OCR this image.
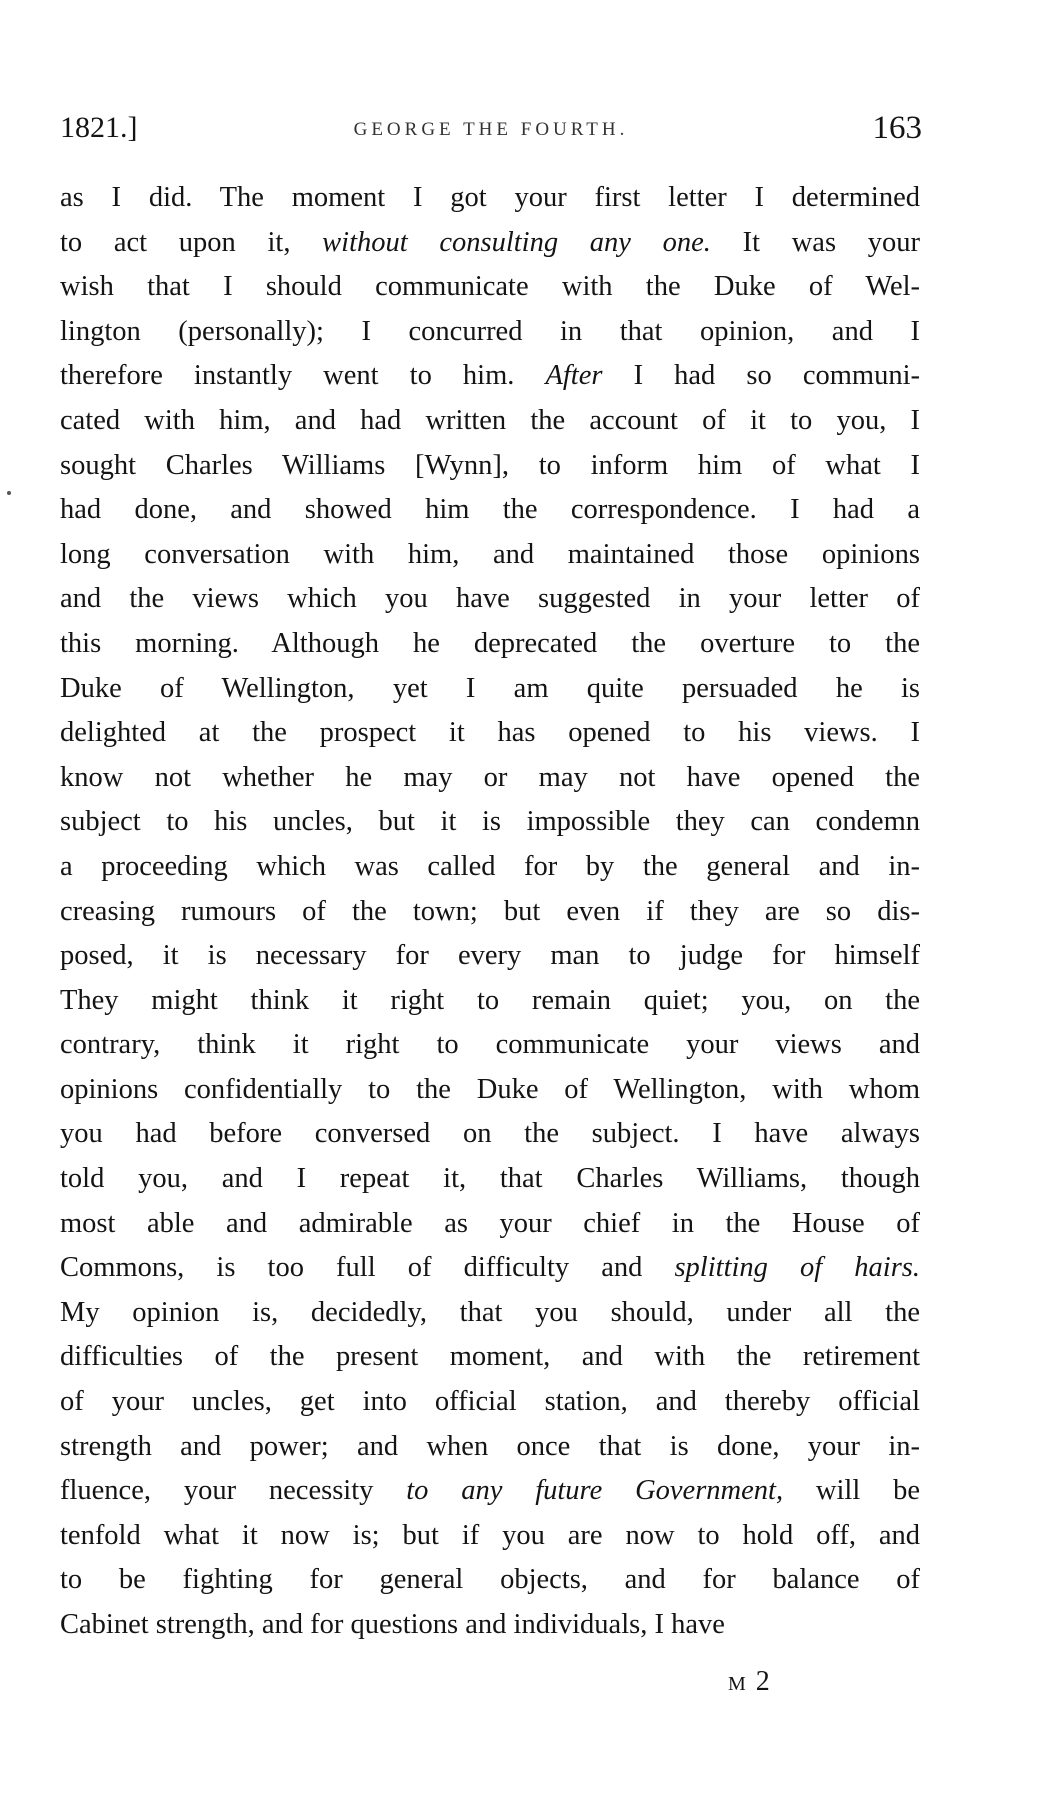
1821.]	GEORGE THE FOURTH.	163
as I did. The moment I got your first letter I determined
to act upon it, without consulting any one. It was your
wish that I should communicate with the Duke of Wel-
lington (personally); I concurred in that opinion, and I
therefore instantly went to him. After I had so communi-
cated with him, and had written the account of it to you, I
sought Charles Williams [Wynn], to inform him of what I
had done, and showed him the correspondence. I had a
long conversation with him, and maintained those opinions
and the views which you have suggested in your letter of
this morning. Although he deprecated the overture to the
Duke of Wellington, yet I am quite persuaded he is
delighted at the prospect it has opened to his views. I
know not whether he may or may not have opened the
subject to his uncles, but it is impossible they can condemn
a proceeding which was called for by the general and in-
creasing rumours of the town; but even if they are so dis-
posed, it is necessary for every man to judge for himself
They might think it right to remain quiet; you, on the
contrary, think it right to communicate your views and
opinions confidentially to the Duke of Wellington, with whom
you had before conversed on the subject. I have always
told you, and I repeat it, that Charles Williams, though
most able and admirable as your chief in the House of
Commons, is too full of difficulty and splitting of hairs.
My opinion is, decidedly, that you should, under all the
difficulties of the present moment, and with the retirement
of your uncles, get into official station, and thereby official
strength and power; and when once that is done, your in-
fluence, your necessity to any future Government, will be
tenfold what it now is; but if you are now to hold off, and
to be fighting for general objects, and for balance of
Cabinet strength, and for questions and individuals, I have
M 2
